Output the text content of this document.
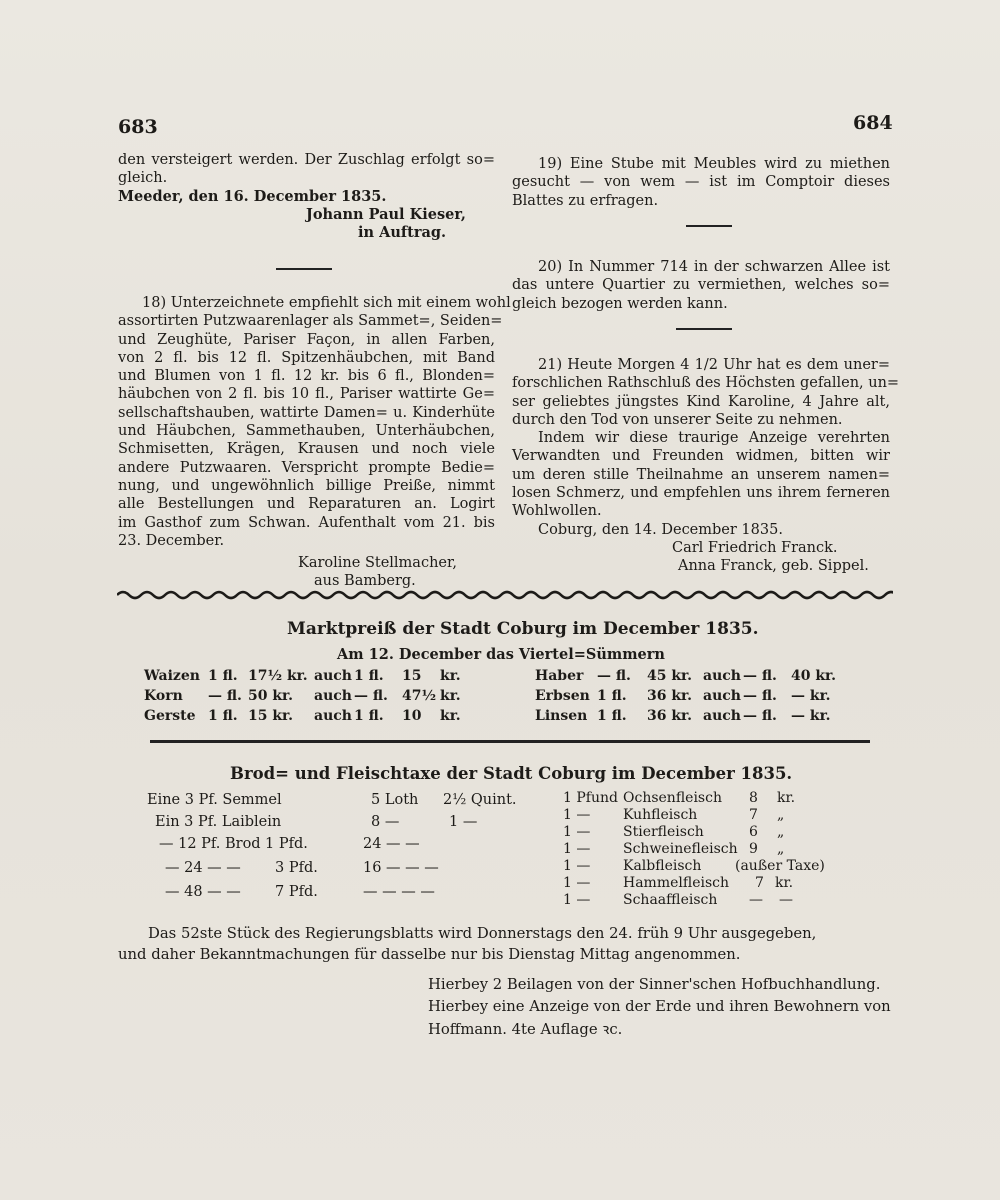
683	684
den versteigert werden. Der Zuschlag erfolgt so=
gleich.
Meeder, den 16. December 1835.
Johann Paul Kieser,
in Auftrag.
18) Unterzeichnete empfiehlt sich mit einem wohl
assortirten Putzwaarenlager als Sammet=, Seiden=
und Zeughüte, Pariser Façon, in allen Farben,
von 2 fl. bis 12 fl. Spitzenhäubchen, mit Band
und Blumen von 1 fl. 12 kr. bis 6 fl., Blonden=
häubchen von 2 fl. bis 10 fl., Pariser wattirte Ge=
sellschaftshauben, wattirte Damen= u. Kinderhüte
und Häubchen, Sammethauben, Unterhäubchen,
Schmisetten, Krägen, Krausen und noch viele
andere Putzwaaren. Verspricht prompte Bedie=
nung, und ungewöhnlich billige Preiße, nimmt
alle Bestellungen und Reparaturen an. Logirt
im Gasthof zum Schwan. Aufenthalt vom 21. bis
23. December.
Karoline Stellmacher,
aus Bamberg.
19) Eine Stube mit Meubles wird zu miethen
gesucht — von wem — ist im Comptoir dieses
Blattes zu erfragen.
20) In Nummer 714 in der schwarzen Allee ist
das untere Quartier zu vermiethen, welches so=
gleich bezogen werden kann.
21) Heute Morgen 4 1/2 Uhr hat es dem uner=
forschlichen Rathschluß des Höchsten gefallen, un=
ser geliebtes jüngstes Kind Karoline, 4 Jahre alt,
durch den Tod von unserer Seite zu nehmen.
Indem wir diese traurige Anzeige verehrten
Verwandten und Freunden widmen, bitten wir
um deren stille Theilnahme an unserem namen=
losen Schmerz, und empfehlen uns ihrem ferneren
Wohlwollen.
Coburg, den 14. December 1835.
Carl Friedrich Franck.
Anna Franck, geb. Sippel.
Marktpreiß der Stadt Coburg im December 1835.
Am 12. December das Viertel=Sümmern
Waizen 1 fl. 17½ kr. auch 1 fl. 15 kr.
Korn — fl. 50 kr. auch — fl. 47½ kr.
Gerste 1 fl. 15 kr. auch 1 fl. 10 kr.
Haber — fl. 45 kr. auch — fl. 40 kr.
Erbsen 1 fl. 36 kr. auch — fl. — kr.
Linsen 1 fl. 36 kr. auch — fl. — kr.
Brod= und Fleischtaxe der Stadt Coburg im December 1835.
Eine 3 Pf. Semmel	5 Loth 2½ Quint.
Ein 3 Pf. Laiblein	8 —	1 —
— 12 Pf. Brod 1 Pfd.	24 — —
— 24 — — 3 Pfd.	16 — — —
— 48 — — 7 Pfd.	— — — —
1 Pfund Ochsenfleisch 8 kr.
1 — Kuhfleisch	7 „
1 — Stierfleisch	6 „
1 — Schweinefleisch 9 „
1 — Kalbfleisch (außer Taxe)
1 — Hammelfleisch 7 kr.
1 — Schaaffleisch — —
Das 52ste Stück des Regierungsblatts wird Donnerstags den 24. früh 9 Uhr ausgegeben,
und daher Bekanntmachungen für dasselbe nur bis Dienstag Mittag angenommen.
Hierbey 2 Beilagen von der Sinner'schen Hofbuchhandlung.
Hierbey eine Anzeige von der Erde und ihren Bewohnern von
Hoffmann. 4te Auflage ꝛc.
